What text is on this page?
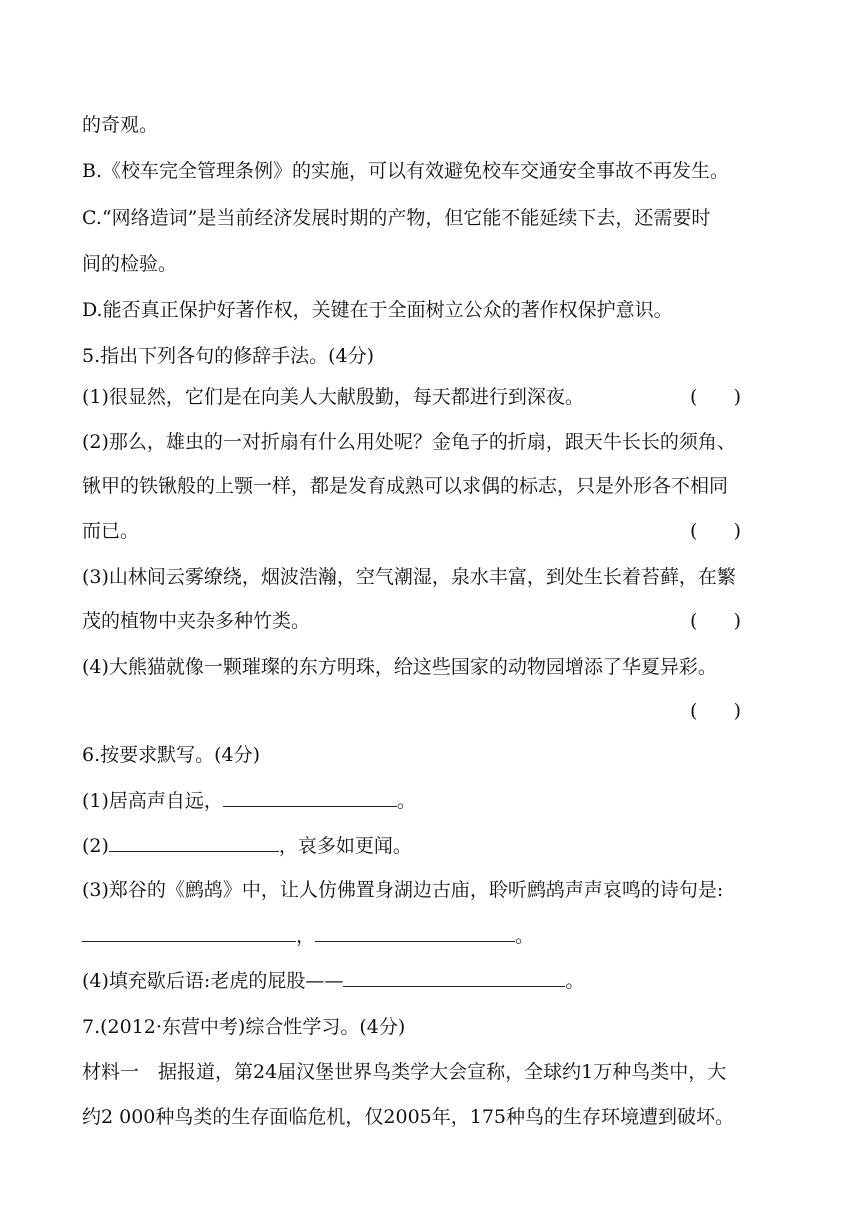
的奇观。
B.《校车完全管理条例》的实施，可以有效避免校车交通安全事故不再发生。
C.“网络造词”是当前经济发展时期的产物，但它能不能延续下去，还需要时
间的检验。
D.能否真正保护好著作权，关键在于全面树立公众的著作权保护意识。
5.指出下列各句的修辞手法。(4分)
(1)很显然，它们是在向美人大献殷勤，每天都进行到深夜。	(      )
(2)那么，雄虫的一对折扇有什么用处呢？金龟子的折扇，跟天牛长长的须角、
锹甲的铁锹般的上颚一样，都是发育成熟可以求偶的标志，只是外形各不相同
而已。	(      )
(3)山林间云雾缭绕，烟波浩瀚，空气潮湿，泉水丰富，到处生长着苔藓，在繁
茂的植物中夹杂多种竹类。	(      )
(4)大熊猫就像一颗璀璨的东方明珠，给这些国家的动物园增添了华夏异彩。
(      )
6.按要求默写。(4分)
(1)居高声自远，	。
(2)	，哀多如更闻。
(3)郑谷的《鹧鸪》中，让人仿佛置身湖边古庙，聆听鹧鸪声声哀鸣的诗句是:
，	。
(4)填充歇后语:老虎的屁股——	。
7.(2012·东营中考)综合性学习。(4分)
材料一　据报道，第24届汉堡世界鸟类学大会宣称，全球约1万种鸟类中，大
约2 000种鸟类的生存面临危机，仅2005年，175种鸟的生存环境遭到破坏。
